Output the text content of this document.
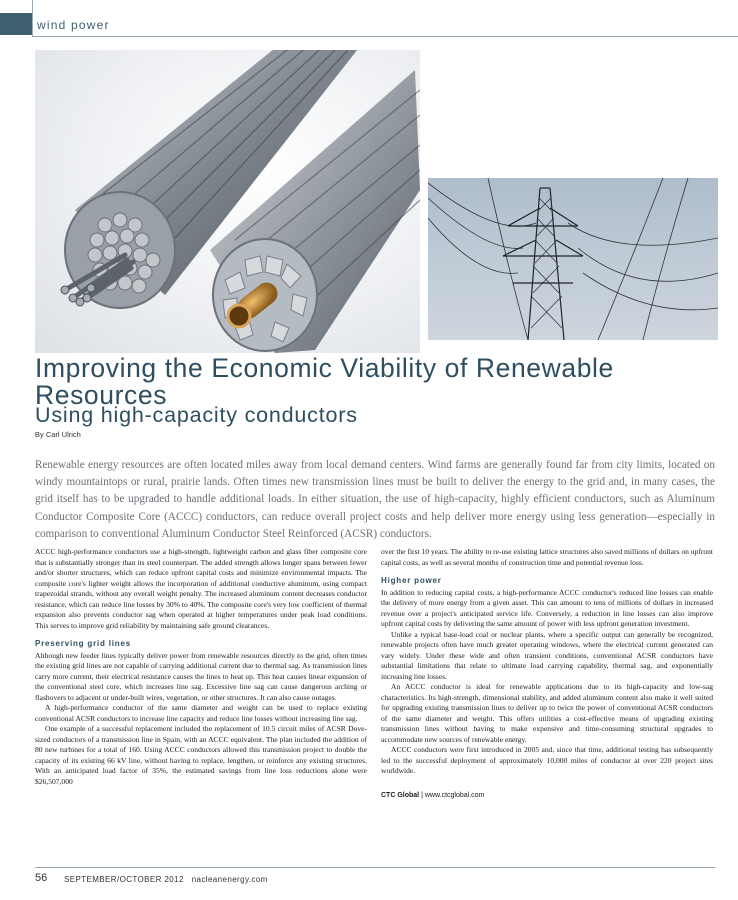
wind power
Improving the Economic Viability of Renewable Resources
Using high-capacity conductors
By Carl Ulrich
Renewable energy resources are often located miles away from local demand centers. Wind farms are generally found far from city limits, located on windy mountaintops or rural, prairie lands. Often times new transmission lines must be built to deliver the energy to the grid and, in many cases, the grid itself has to be upgraded to handle additional loads. In either situation, the use of high-capacity, highly efficient conductors, such as Aluminum Conductor Composite Core (ACCC) conductors, can reduce overall project costs and help deliver more energy using less generation—especially in comparison to conventional Aluminum Conductor Steel Reinforced (ACSR) conductors.

ACCC high-performance conductors use a high-strength, lightweight carbon and glass fiber composite core that is substantially stronger than its steel counterpart. The added strength allows longer spans between fewer and/or shorter structures, which can reduce upfront capital costs and minimize environmental impacts. The composite core's lighter weight allows the incorporation of additional conductive aluminum, using compact trapezoidal strands, without any overall weight penalty. The increased aluminum content decreases conductor resistance, which can reduce line losses by 30% to 40%. The composite core's very low coefficient of thermal expansion also prevents conductor sag when operated at higher temperatures under peak load conditions. This serves to improve grid reliability by maintaining safe ground clearances.

Preserving grid lines

Although new feeder lines typically deliver power from renewable resources directly to the grid, often times the existing grid lines are not capable of carrying additional current due to thermal sag. As transmission lines carry more current, their electrical resistance causes the lines to heat up. This heat causes linear expansion of the conventional steel core, which increases line sag. Excessive line sag can cause dangerous arching or flashovers to adjacent or under-built wires, vegetation, or other structures. It can also cause outages.

A high-performance conductor of the same diameter and weight can be used to replace existing conventional ACSR conductors to increase line capacity and reduce line losses without increasing line sag.

One example of a successful replacement included the replacement of 10.5 circuit miles of ACSR Dove-sized conductors of a transmission line in Spain, with an ACCC equivalent. The plan included the addition of 80 new turbines for a total of 160. Using ACCC conductors allowed this transmission project to double the capacity of its existing 66 kV line, without having to replace, lengthen, or reinforce any existing structures. With an anticipated load factor of 35%, the estimated savings from line loss reductions alone were $26,507,000

over the first 10 years. The ability to re-use existing lattice structures also saved millions of dollars on upfront capital costs, as well as several months of construction time and potential revenue loss.

Higher power

In addition to reducing capital costs, a high-performance ACCC conductor's reduced line losses can enable the delivery of more energy from a given asset. This can amount to tens of millions of dollars in increased revenue over a project's anticipated service life. Conversely, a reduction in line losses can also improve upfront capital costs by delivering the same amount of power with less upfront generation investment.

Unlike a typical base-load coal or nuclear plants, where a specific output can generally be recognized, renewable projects often have much greater operating windows, where the electrical current generated can vary widely. Under these wide and often transient conditions, conventional ACSR conductors have substantial limitations that relate to ultimate load carrying capability, thermal sag, and exponentially increasing line losses.

An ACCC conductor is ideal for renewable applications due to its high-capacity and low-sag characteristics. Its high-strength, dimensional stability, and added aluminum content also make it well suited for upgrading existing transmission lines to deliver up to twice the power of conventional ACSR conductors of the same diameter and weight. This offers utilities a cost-effective means of upgrading existing transmission lines without having to make expensive and time-consuming structural upgrades to accommodate new sources of renewable energy.

ACCC conductors were first introduced in 2005 and, since that time, additional testing has subsequently led to the successful deployment of approximately 10,000 miles of conductor at over 220 project sites worldwide.

CTC Global | www.ctcglobal.com

56 SEPTEMBER/OCTOBER 2012 nacleanenergy.com
